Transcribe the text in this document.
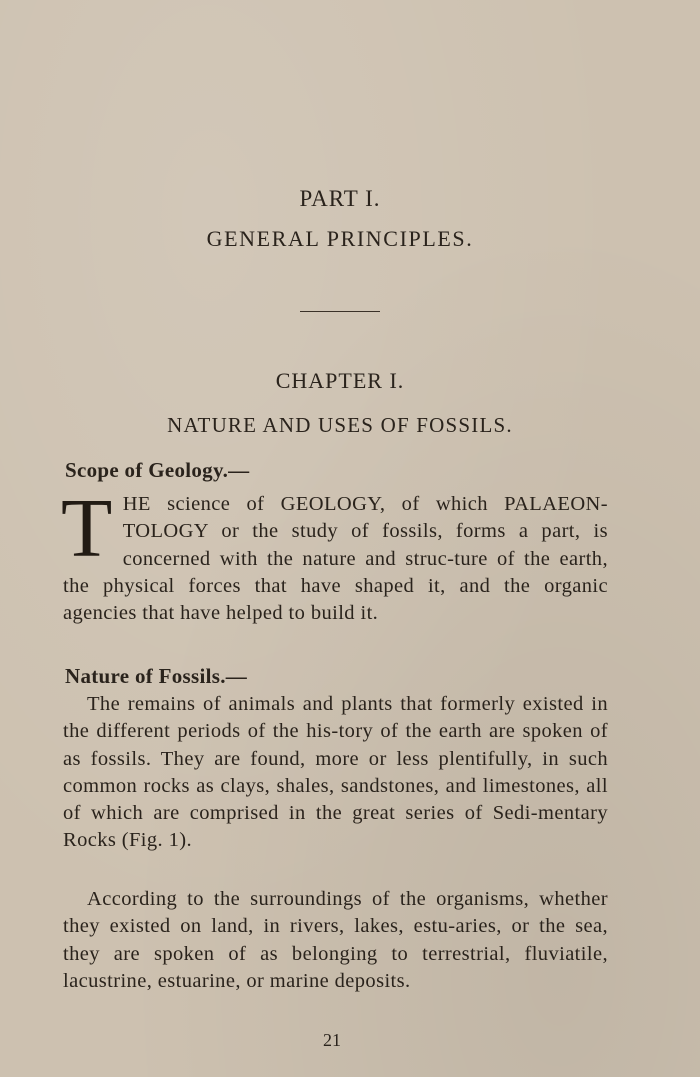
PART I.
GENERAL PRINCIPLES.
CHAPTER I.
NATURE AND USES OF FOSSILS.
Scope of Geology.—
THE science of GEOLOGY, of which PALAEON-TOLOGY or the study of fossils, forms a part, is concerned with the nature and struc-ture of the earth, the physical forces that have shaped it, and the organic agencies that have helped to build it.
Nature of Fossils.—
The remains of animals and plants that formerly existed in the different periods of the his-tory of the earth are spoken of as fossils. They are found, more or less plentifully, in such common rocks as clays, shales, sandstones, and limestones, all of which are comprised in the great series of Sedi-mentary Rocks (Fig. 1).
According to the surroundings of the organisms, whether they existed on land, in rivers, lakes, estu-aries, or the sea, they are spoken of as belonging to terrestrial, fluviatile, lacustrine, estuarine, or marine deposits.
21
